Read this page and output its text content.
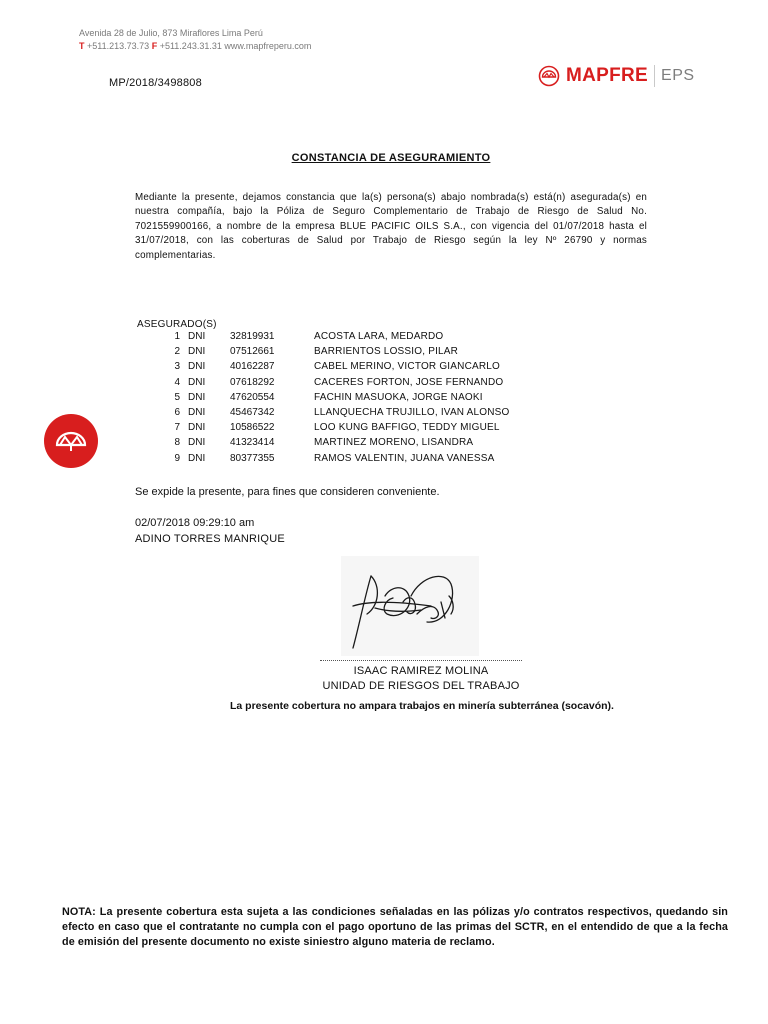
Avenida 28 de Julio, 873 Miraflores Lima Perú
T +511.213.73.73 F +511.243.31.31 www.mapfreperu.com
MP/2018/3498808	MAPFRE EPS
CONSTANCIA DE ASEGURAMIENTO
Mediante la presente, dejamos constancia que la(s) persona(s) abajo nombrada(s) está(n) asegurada(s) en nuestra compañía, bajo la Póliza de Seguro Complementario de Trabajo de Riesgo de Salud No. 7021559900166, a nombre de la empresa BLUE PACIFIC OILS S.A., con vigencia del 01/07/2018 hasta el 31/07/2018, con las coberturas de Salud por Trabajo de Riesgo según la ley Nº 26790 y normas complementarias.
ASEGURADO(S)
1 DNI 32819931	ACOSTA LARA, MEDARDO
2 DNI 07512661	BARRIENTOS LOSSIO, PILAR
3 DNI 40162287	CABEL MERINO, VICTOR GIANCARLO
4 DNI 07618292	CACERES FORTON, JOSE FERNANDO
5 DNI 47620554	FACHIN MASUOKA, JORGE NAOKI
6 DNI 45467342	LLANQUECHA TRUJILLO, IVAN ALONSO
7 DNI 10586522	LOO KUNG BAFFIGO, TEDDY MIGUEL
8 DNI 41323414	MARTINEZ MORENO, LISANDRA
9 DNI 80377355	RAMOS VALENTIN, JUANA VANESSA
Se expide la presente, para fines que consideren conveniente.
02/07/2018 09:29:10 am
ADINO TORRES MANRIQUE
ISAAC RAMIREZ MOLINA
UNIDAD DE RIESGOS DEL TRABAJO
La presente cobertura no ampara trabajos en minería subterránea (socavón).
NOTA: La presente cobertura esta sujeta a las condiciones señaladas en las pólizas y/o contratos respectivos, quedando sin efecto en caso que el contratante no cumpla con el pago oportuno de las primas del SCTR, en el entendido de que a la fecha de emisión del presente documento no existe siniestro alguno materia de reclamo.
